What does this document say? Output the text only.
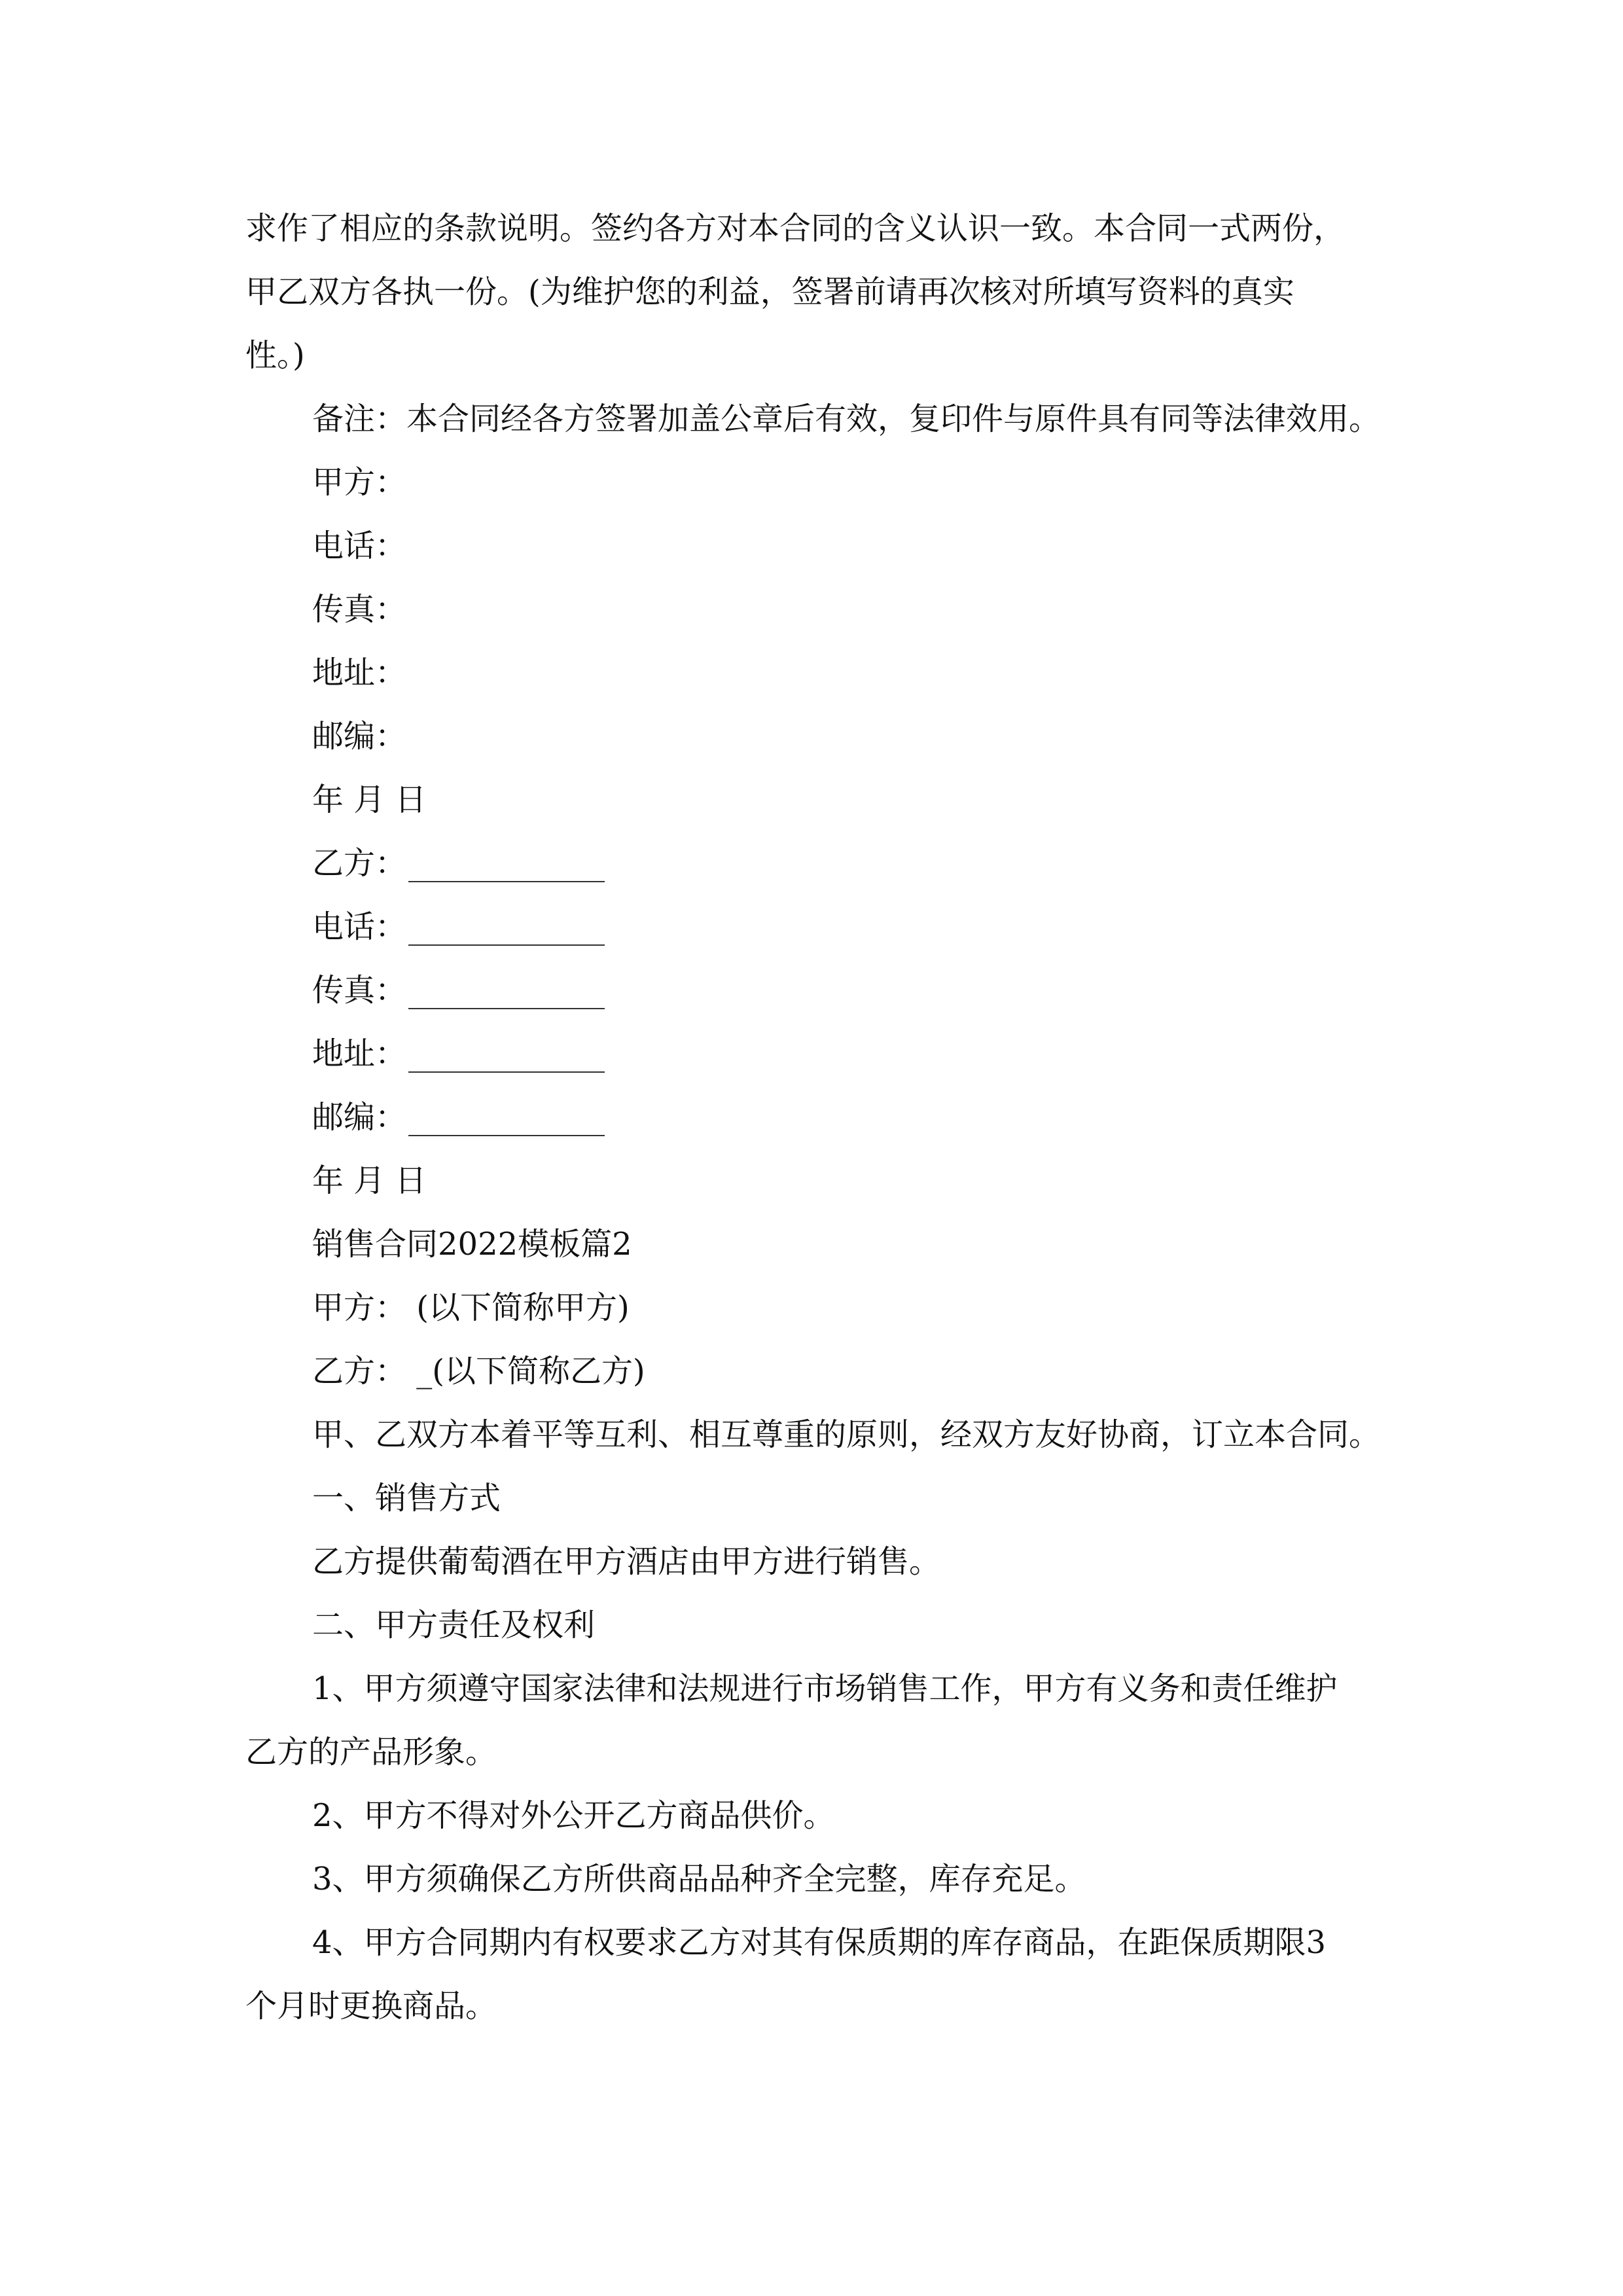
求作了相应的条款说明。签约各方对本合同的含义认识一致。本合同一式两份，
甲乙双方各执一份。(为维护您的利益，签署前请再次核对所填写资料的真实
性。)
备注：本合同经各方签署加盖公章后有效，复印件与原件具有同等法律效用。
甲方：
电话：
传真：
地址：
邮编：
年 月 日
乙方：
电话：
传真：
地址：
邮编：
年 月 日
销售合同2022模板篇2
甲方： (以下简称甲方)
乙方： _(以下简称乙方)
甲、乙双方本着平等互利、相互尊重的原则，经双方友好协商，订立本合同。
一、销售方式
乙方提供葡萄酒在甲方酒店由甲方进行销售。
二、甲方责任及权利
1、甲方须遵守国家法律和法规进行市场销售工作，甲方有义务和责任维护
乙方的产品形象。
2、甲方不得对外公开乙方商品供价。
3、甲方须确保乙方所供商品品种齐全完整，库存充足。
4、甲方合同期内有权要求乙方对其有保质期的库存商品，在距保质期限3
个月时更换商品。
